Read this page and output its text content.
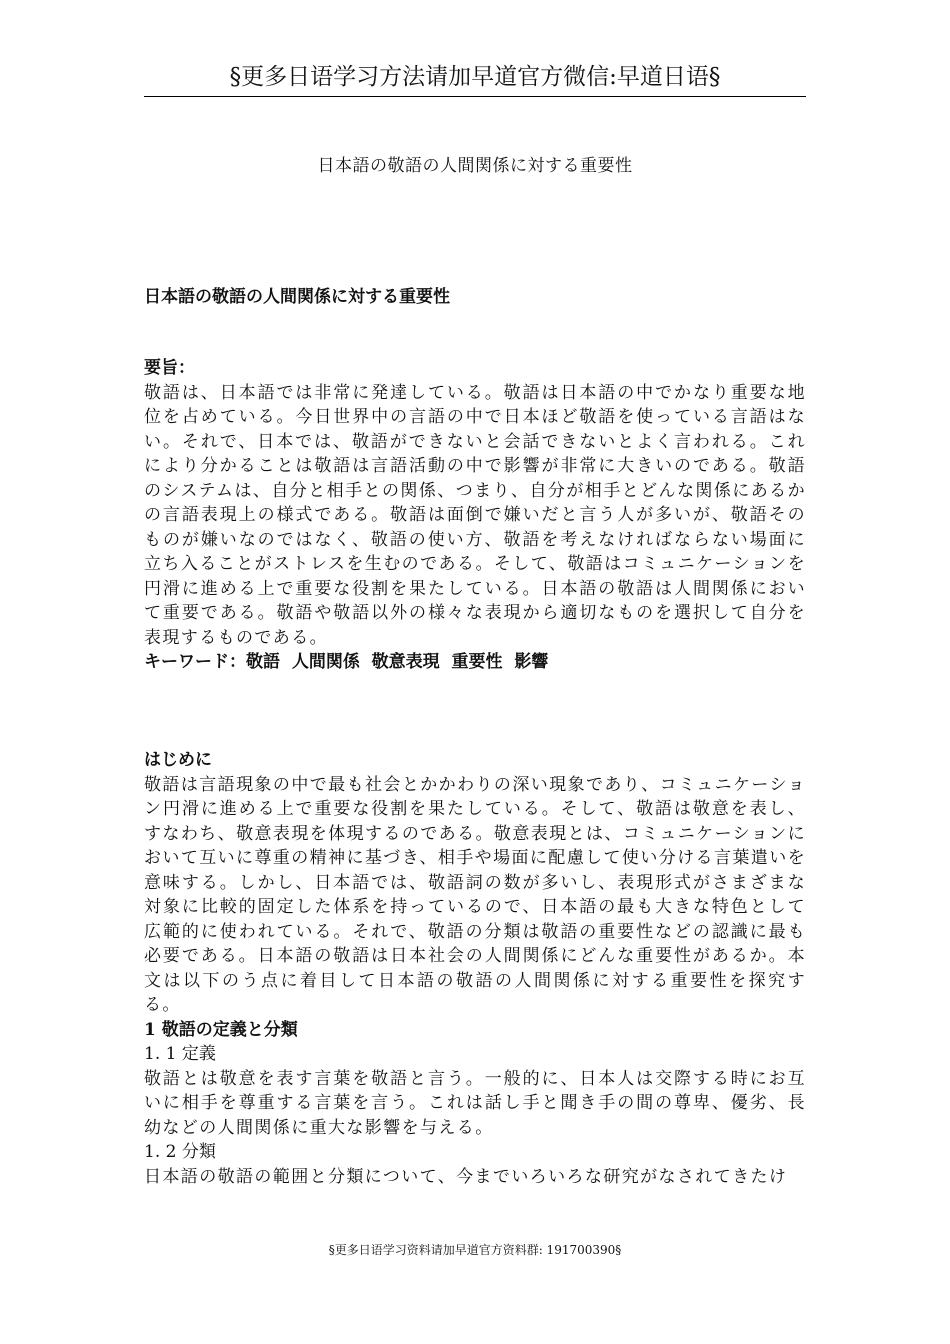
§更多日语学习方法请加早道官方微信:早道日语§
日本語の敬語の人間関係に対する重要性
日本語の敬語の人間関係に対する重要性
要旨：

敬語は、日本語では非常に発達している。敬語は日本語の中でかなり重要な地位を占めている。今日世界中の言語の中で日本ほど敬語を使っている言語はない。それで、日本では、敬語ができないと会話できないとよく言われる。これにより分かることは敬語は言語活動の中で影響が非常に大きいのである。敬語のシステムは、自分と相手との関係、つまり、自分が相手とどんな関係にあるかの言語表現上の様式である。敬語は面倒で嫌いだと言う人が多いが、敬語そのものが嫌いなのではなく、敬語の使い方、敬語を考えなければならない場面に立ち入ることがストレスを生むのである。そして、敬語はコミュニケーションを円滑に進める上で重要な役割を果たしている。日本語の敬語は人間関係において重要である。敬語や敬語以外の様々な表現から適切なものを選択して自分を表現するものである。

キーワード：敬語  人間関係  敬意表現  重要性  影響
はじめに

敬語は言語現象の中で最も社会とかかわりの深い現象であり、コミュニケーション円滑に進める上で重要な役割を果たしている。そして、敬語は敬意を表し、すなわち、敬意表現を体現するのである。敬意表現とは、コミュニケーションにおいて互いに尊重の精神に基づき、相手や場面に配慮して使い分ける言葉遣いを意味する。しかし、日本語では、敬語詞の数が多いし、表現形式がさまざまな対象に比較的固定した体系を持っているので、日本語の最も大きな特色として広範的に使われている。それで、敬語の分類は敬語の重要性などの認識に最も必要である。日本語の敬語は日本社会の人間関係にどんな重要性があるか。本文は以下のう点に着目して日本語の敬語の人間関係に対する重要性を探究する。

1 敬語の定義と分類
1. 1 定義

敬語とは敬意を表す言葉を敬語と言う。一般的に、日本人は交際する時にお互いに相手を尊重する言葉を言う。これは話し手と聞き手の間の尊卑、優劣、長幼などの人間関係に重大な影響を与える。

1. 2 分類

日本語の敬語の範囲と分類について、今までいろいろな研究がなされてきたけ

§更多日语学习资料请加早道官方资料群: 191700390§
